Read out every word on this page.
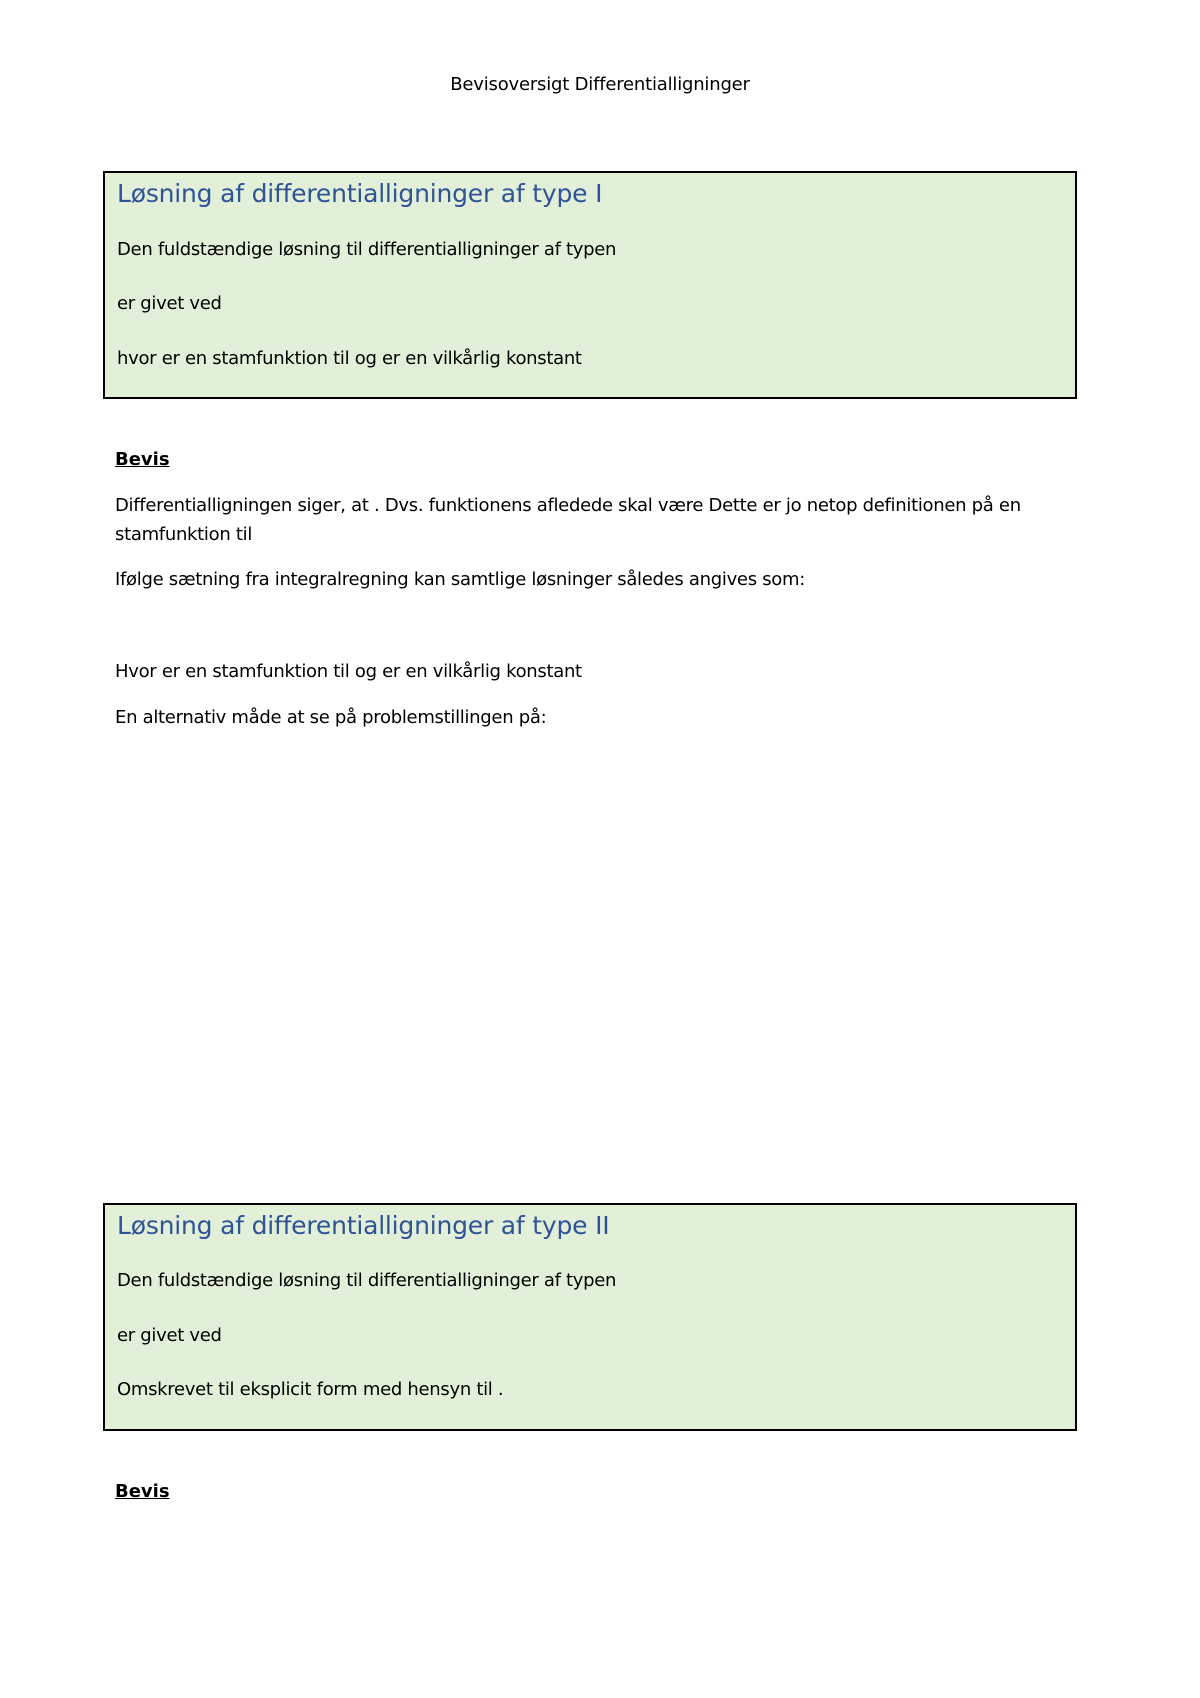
Bevisoversigt Differentialligninger
Løsning af differentialligninger af type I
Den fuldstændige løsning til differentialligninger af typen
er givet ved
hvor er en stamfunktion til og er en vilkårlig konstant
Bevis
Differentialligningen siger, at . Dvs. funktionens afledede skal være Dette er jo netop definitionen på en stamfunktion til
Ifølge sætning fra integralregning kan samtlige løsninger således angives som:
Hvor er en stamfunktion til og er en vilkårlig konstant
En alternativ måde at se på problemstillingen på:
Løsning af differentialligninger af type II
Den fuldstændige løsning til differentialligninger af typen
er givet ved
Omskrevet til eksplicit form med hensyn til .
Bevis
